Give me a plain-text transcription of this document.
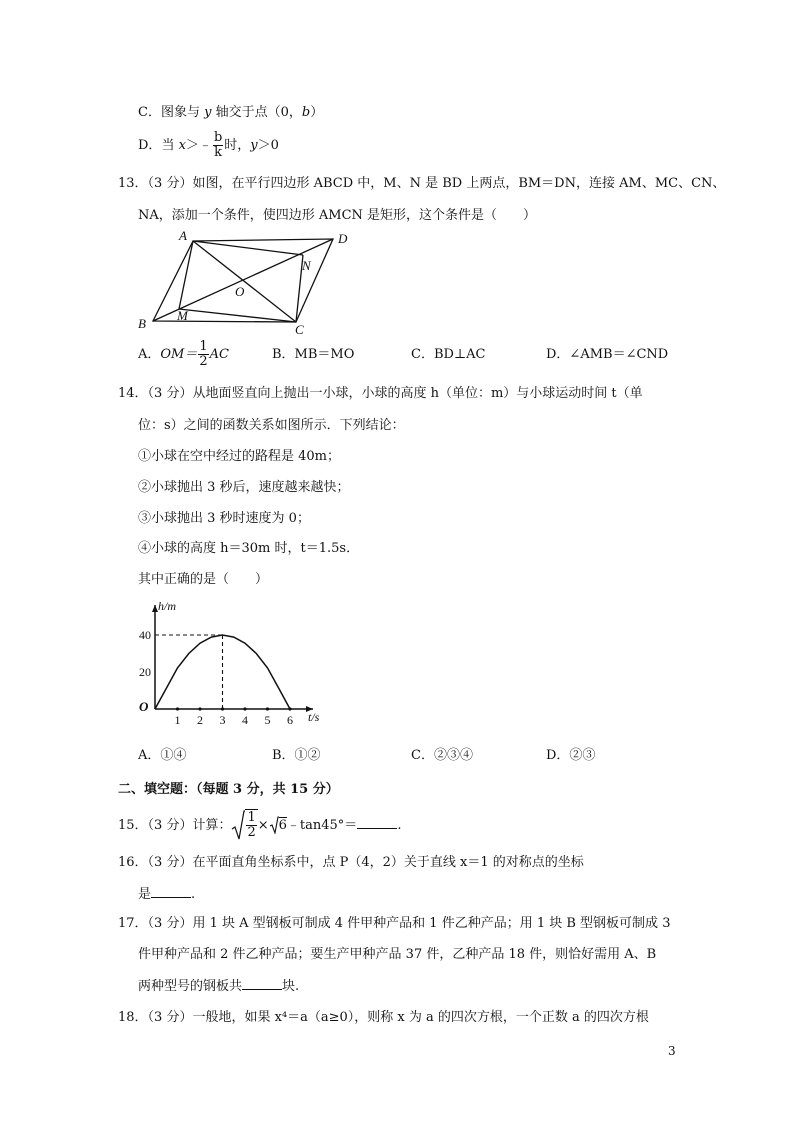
C．图象与 y 轴交于点（0，b）
D．当 x＞﹣ $\frac{b}{k}$ 时，y＞0
13．（3 分）如图，在平行四边形 ABCD 中，M、N 是 BD 上两点，BM＝DN，连接 AM、MC、CN、
NA，添加一个条件，使四边形 AMCN 是矩形，这个条件是（　　）
A	D
B	C
M
N
O
A．$OM= \frac{1}{2}$ AC	B．MB＝MO	C．BD⊥AC	D．∠AMB＝∠CND
14．（3 分）从地面竖直向上抛出一小球，小球的高度 h（单位：m）与小球运动时间 t（单
位：s）之间的函数关系如图所示．下列结论：
①小球在空中经过的路程是 40m；
②小球抛出 3 秒后，速度越来越快；
③小球抛出 3 秒时速度为 0；
④小球的高度 h＝30m 时，t＝1.5s．
其中正确的是（　　）
1 2 3 4 5 6
20
40
h/m
t/s
O
A．①④	B．①②	C．②③④	D．②③
二、填空题：（每题 3 分，共 15 分）
15．（3 分）计算： $\frac{1}{2}$ × 6﹣tan45°＝	.
16．（3 分）在平面直角坐标系中，点 P（4，2）关于直线 x＝1 的对称点的坐标
是	.
17．（3 分）用 1 块 A 型钢板可制成 4 件甲种产品和 1 件乙种产品；用 1 块 B 型钢板可制成 3
件甲种产品和 2 件乙种产品；要生产甲种产品 37 件，乙种产品 18 件，则恰好需用 A、B
两种型号的钢板共	块.
18．（3 分）一般地，如果 x⁴＝a（a≥0），则称 x 为 a 的四次方根，一个正数 a 的四次方根
3
